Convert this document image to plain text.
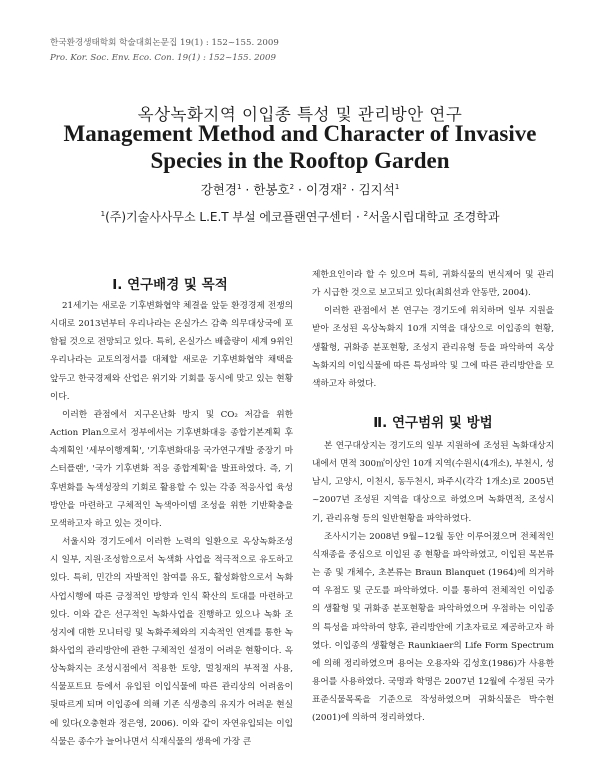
한국환경생태학회 학술대회논문집 19(1) : 152~155. 2009
Pro. Kor. Soc. Env. Eco. Con. 19(1) : 152~155. 2009
옥상녹화지역 이입종 특성 및 관리방안 연구
Management Method and Character of Invasive
Species in the Rooftop Garden
강현경$^1$ · 한봉호$^2$ · 이경재$^2$ · 김지석$^1$
$^1$(주)기술사사무소 L.E.T 부설 에코플랜연구센터 · $^2$서울시립대학교 조경학과
Ⅰ. 연구배경 및 목적

21세기는 새로운 기후변화협약 체결을 앞둔 환경경제 전쟁의 시대로 2013년부터 우리나라는 온실가스 감축 의무대상국에 포함될 것으로 전망되고 있다. 특히, 온실가스 배출량이 세계 9위인 우리나라는 교토의정서를 대체할 새로운 기후변화협약 채택을 앞두고 한국경제와 산업은 위기와 기회를 동시에 맞고 있는 현황이다.

이러한 관점에서 지구온난화 방지 및 CO₂ 저감을 위한 Action Plan으로서 정부에서는 기후변화대응 종합기본계획 후속계획인 '세부이행계획', '기후변화대응 국가연구개발 중장기 마스터플랜', '국가 기후변화 적응 종합계획'을 발표하였다. 즉, 기후변화를 녹색성장의 기회로 활용할 수 있는 각종 적응사업 육성방안을 마련하고 구체적인 녹색아이템 조성을 위한 기반확충을 모색하고자 하고 있는 것이다.

서울시와 경기도에서 이러한 노력의 일환으로 옥상녹화조성시 일부, 지원·조성함으로서 녹색화 사업을 적극적으로 유도하고 있다. 특히, 민간의 자발적인 참여를 유도, 활성화함으로서 녹화사업시행에 따른 긍정적인 방향과 인식 확산의 토대를 마련하고 있다. 이와 같은 선구적인 녹화사업을 진행하고 있으나 녹화 조성지에 대한 모니터링 및 녹화주체와의 지속적인 연계를 통한 녹화사업의 관리방안에 관한 구체적인 설정이 어려운 현황이다. 옥상녹화지는 조성시점에서 적용한 토양, 멀칭재의 부적절 사용, 식물포트묘 등에서 유입된 이입식물에 따른 관리상의 어려움이 뒷따르게 되며 이입종에 의해 기존 식생층의 유지가 어려운 현실에 있다(오충현과 정은영, 2006). 이와 같이 자연유입되는 이입식물은 종수가 늘어나면서 식재식물의 생육에 가장 큰

제한요인이라 할 수 있으며 특히, 귀화식물의 번식제어 및 관리가 시급한 것으로 보고되고 있다(최희선과 안동만, 2004).

이러한 관점에서 본 연구는 경기도에 위치하며 일부 지원을 받아 조성된 옥상녹화지 10개 지역을 대상으로 이입종의 현황, 생활형, 귀화종 분포현황, 조성지 관리유형 등을 파악하여 옥상녹화지의 이입식물에 따른 특성파악 및 그에 따른 관리방안을 모색하고자 하였다.

Ⅱ. 연구범위 및 방법

본 연구대상지는 경기도의 일부 지원하에 조성된 녹화대상지내에서 면적 300㎡이상인 10개 지역(수원시(4개소), 부천시, 성남시, 고양시, 이천시, 동두천시, 파주시(각각 1개소)로 2005년~2007년 조성된 지역을 대상으로 하였으며 녹화면적, 조성시기, 관리유형 등의 일반현황을 파악하였다.

조사시기는 2008년 9월~12월 동안 이루어졌으며 전체적인 식재종을 중심으로 이입된 종 현황을 파악하였고, 이입된 목본류는 종 및 개체수, 초본류는 Braun Blanquet (1964)에 의거하여 우점도 및 군도를 파악하였다. 이를 통하여 전체적인 이입종의 생활형 및 귀화종 분포현황을 파악하였으며 우점하는 이입종의 특성을 파악하여 향후, 관리방안에 기초자료로 제공하고자 하였다. 이입종의 생활형은 Raunkiaer의 Life Form Spectrum에 의해 정리하였으며 용어는 오용자와 김성호(1986)가 사용한 용어를 사용하였다. 국명과 학명은 2007년 12월에 수정된 국가표준식물목록을 기준으로 작성하였으며 귀화식물은 박수현(2001)에 의하여 정리하였다.
